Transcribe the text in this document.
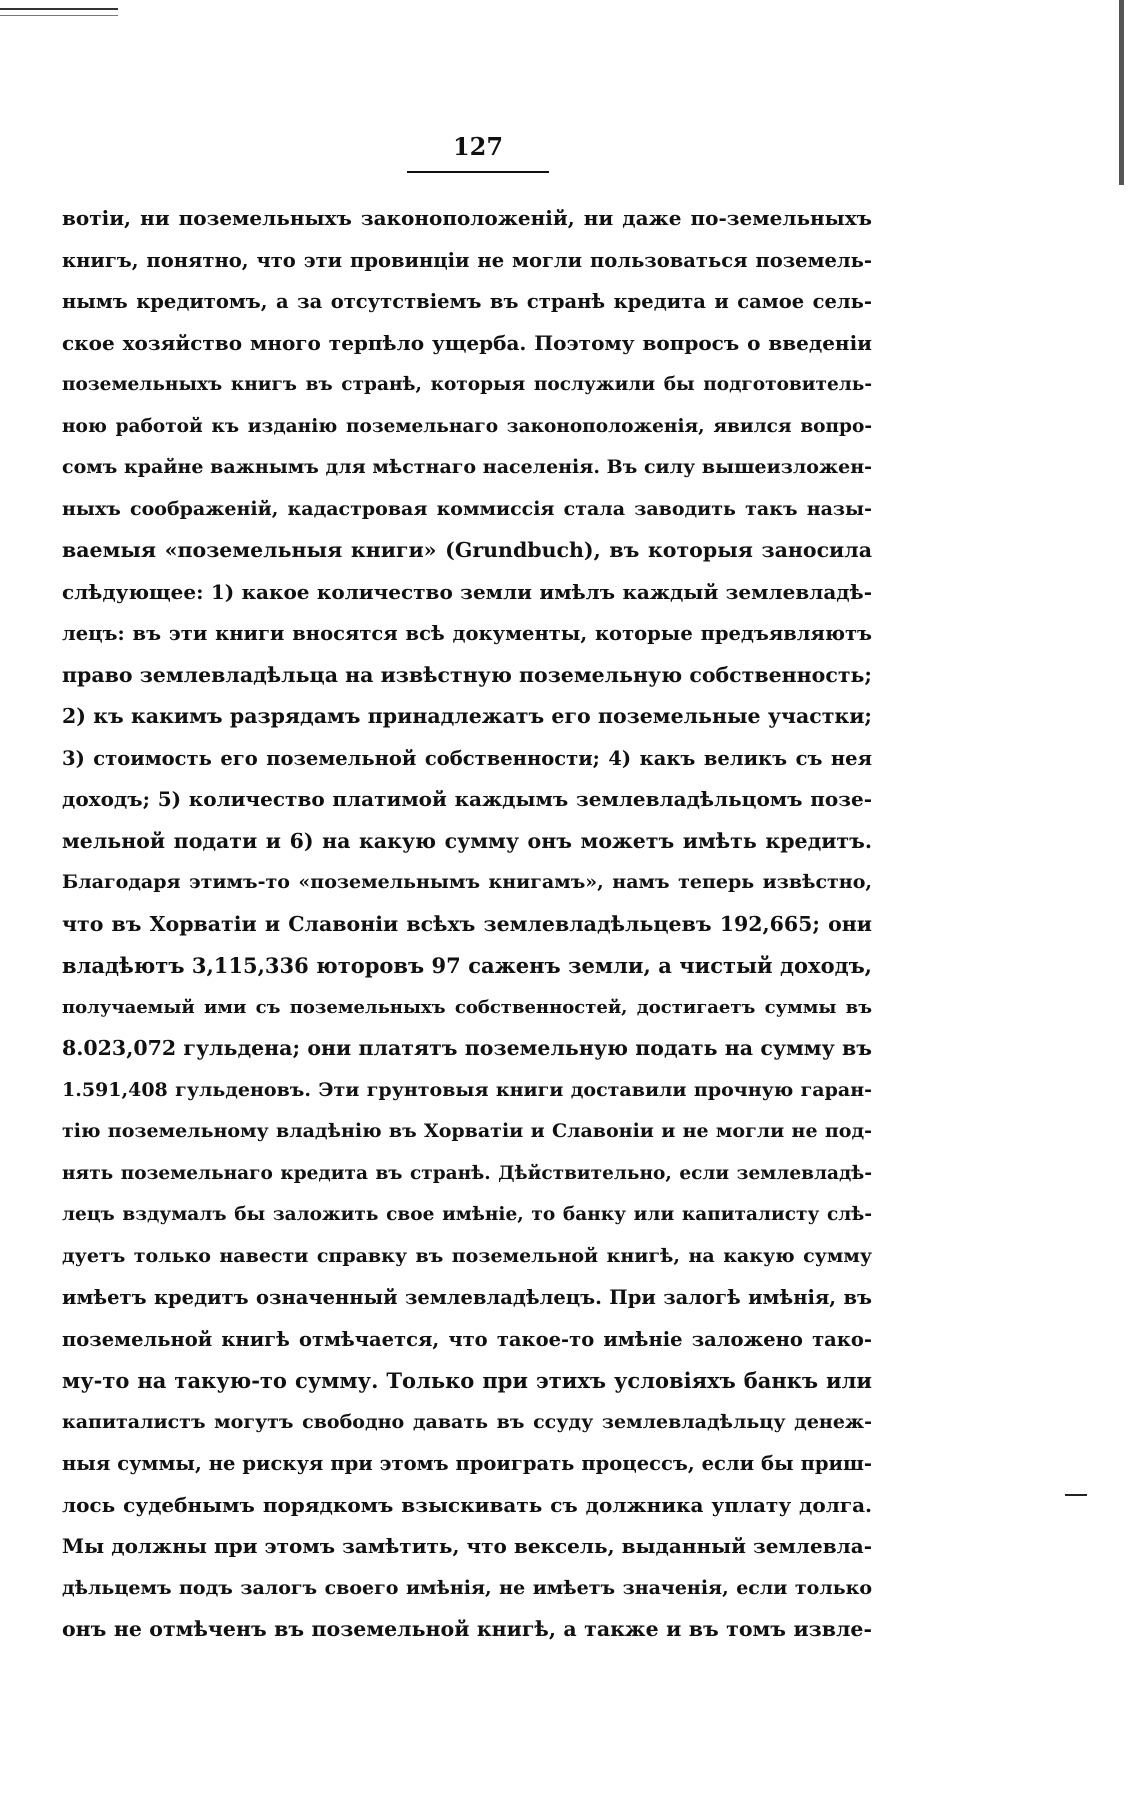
127
вотіи, ни поземельныхъ законоположеній, ни даже по-земельныхъ
книгъ, понятно, что эти провинціи не могли пользоваться поземель-
нымъ кредитомъ, а за отсутствіемъ въ странѣ кредита и самое сель-
ское хозяйство много терпѣло ущерба. Поэтому вопросъ о введеніи
поземельныхъ книгъ въ странѣ, которыя послужили бы подготовитель-
ною работой къ изданію поземельнаго законоположенія, явился вопро-
сомъ крайне важнымъ для мѣстнаго населенія. Въ силу вышеизложен-
ныхъ соображеній, кадастровая коммиссія стала заводить такъ назы-
ваемыя «поземельныя книги» (Grundbuch), въ которыя заносила
слѣдующее: 1) какое количество земли имѣлъ каждый землевладѣ-
лецъ: въ эти книги вносятся всѣ документы, которые предъявляютъ
право землевладѣльца на извѣстную поземельную собственность;
2) къ какимъ разрядамъ принадлежатъ его поземельные участки;
3) стоимость его поземельной собственности; 4) какъ великъ съ нея
доходъ; 5) количество платимой каждымъ землевладѣльцомъ позе-
мельной подати и 6) на какую сумму онъ можетъ имѣть кредитъ.
Благодаря этимъ-то «поземельнымъ книгамъ», намъ теперь извѣстно,
что въ Хорватіи и Славоніи всѣхъ землевладѣльцевъ 192,665; они
владѣютъ 3,115,336 юторовъ 97 саженъ земли, а чистый доходъ,
получаемый ими съ поземельныхъ собственностей, достигаетъ суммы въ
8.023,072 гульдена; они платятъ поземельную подать на сумму въ
1.591,408 гульденовъ. Эти грунтовыя книги доставили прочную гаран-
тію поземельному владѣнію въ Хорватіи и Славоніи и не могли не под-
нять поземельнаго кредита въ странѣ. Дѣйствительно, если землевладѣ-
лецъ вздумалъ бы заложить свое имѣніе, то банку или капиталисту слѣ-
дуетъ только навести справку въ поземельной книгѣ, на какую сумму
имѣетъ кредитъ означенный землевладѣлецъ. При залогѣ имѣнія, въ
поземельной книгѣ отмѣчается, что такое-то имѣніе заложено тако-
му-то на такую-то сумму. Только при этихъ условіяхъ банкъ или
капиталистъ могутъ свободно давать въ ссуду землевладѣльцу денеж-
ныя суммы, не рискуя при этомъ проиграть процессъ, если бы приш-
лось судебнымъ порядкомъ взыскивать съ должника уплату долга.
Мы должны при этомъ замѣтить, что вексель, выданный землевла-
дѣльцемъ подъ залогъ своего имѣнія, не имѣетъ значенія, если только
онъ не отмѣченъ въ поземельной книгѣ, а также и въ томъ извле-
